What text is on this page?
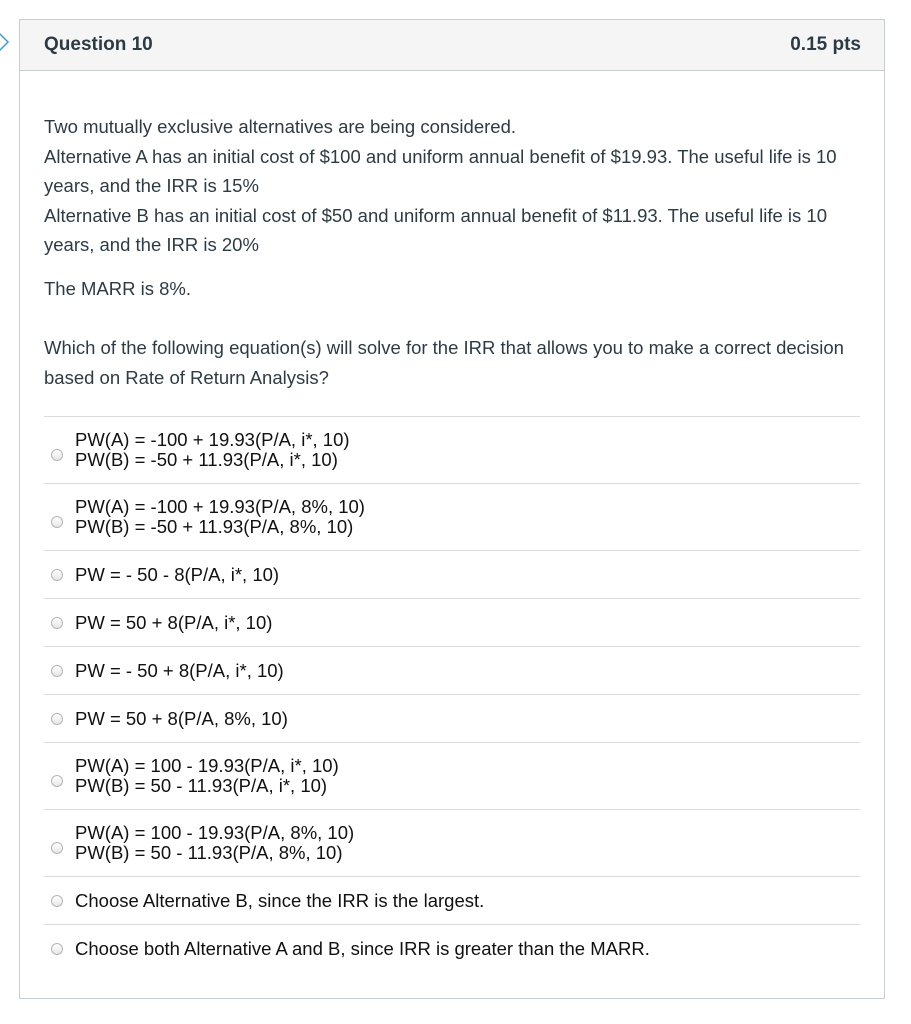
Question 10	0.15 pts

Two mutually exclusive alternatives are being considered.

Alternative A has an initial cost of $100 and uniform annual benefit of $19.93. The useful life is 10 years, and the IRR is 15%

Alternative B has an initial cost of $50 and uniform annual benefit of $11.93. The useful life is 10 years, and the IRR is 20%

The MARR is 8%.

Which of the following equation(s) will solve for the IRR that allows you to make a correct decision based on Rate of Return Analysis?

PW(A) = -100 + 19.93(P/A, i*, 10)
PW(B) = -50 + 11.93(P/A, i*, 10)
PW(A) = -100 + 19.93(P/A, 8%, 10)
PW(B) = -50 + 11.93(P/A, 8%, 10)
PW = - 50 - 8(P/A, i*, 10)
PW = 50 + 8(P/A, i*, 10)
PW = - 50 + 8(P/A, i*, 10)
PW = 50 + 8(P/A, 8%, 10)
PW(A) = 100 - 19.93(P/A, i*, 10)
PW(B) = 50 - 11.93(P/A, i*, 10)
PW(A) = 100 - 19.93(P/A, 8%, 10)
PW(B) = 50 - 11.93(P/A, 8%, 10)
Choose Alternative B, since the IRR is the largest.
Choose both Alternative A and B, since IRR is greater than the MARR.
